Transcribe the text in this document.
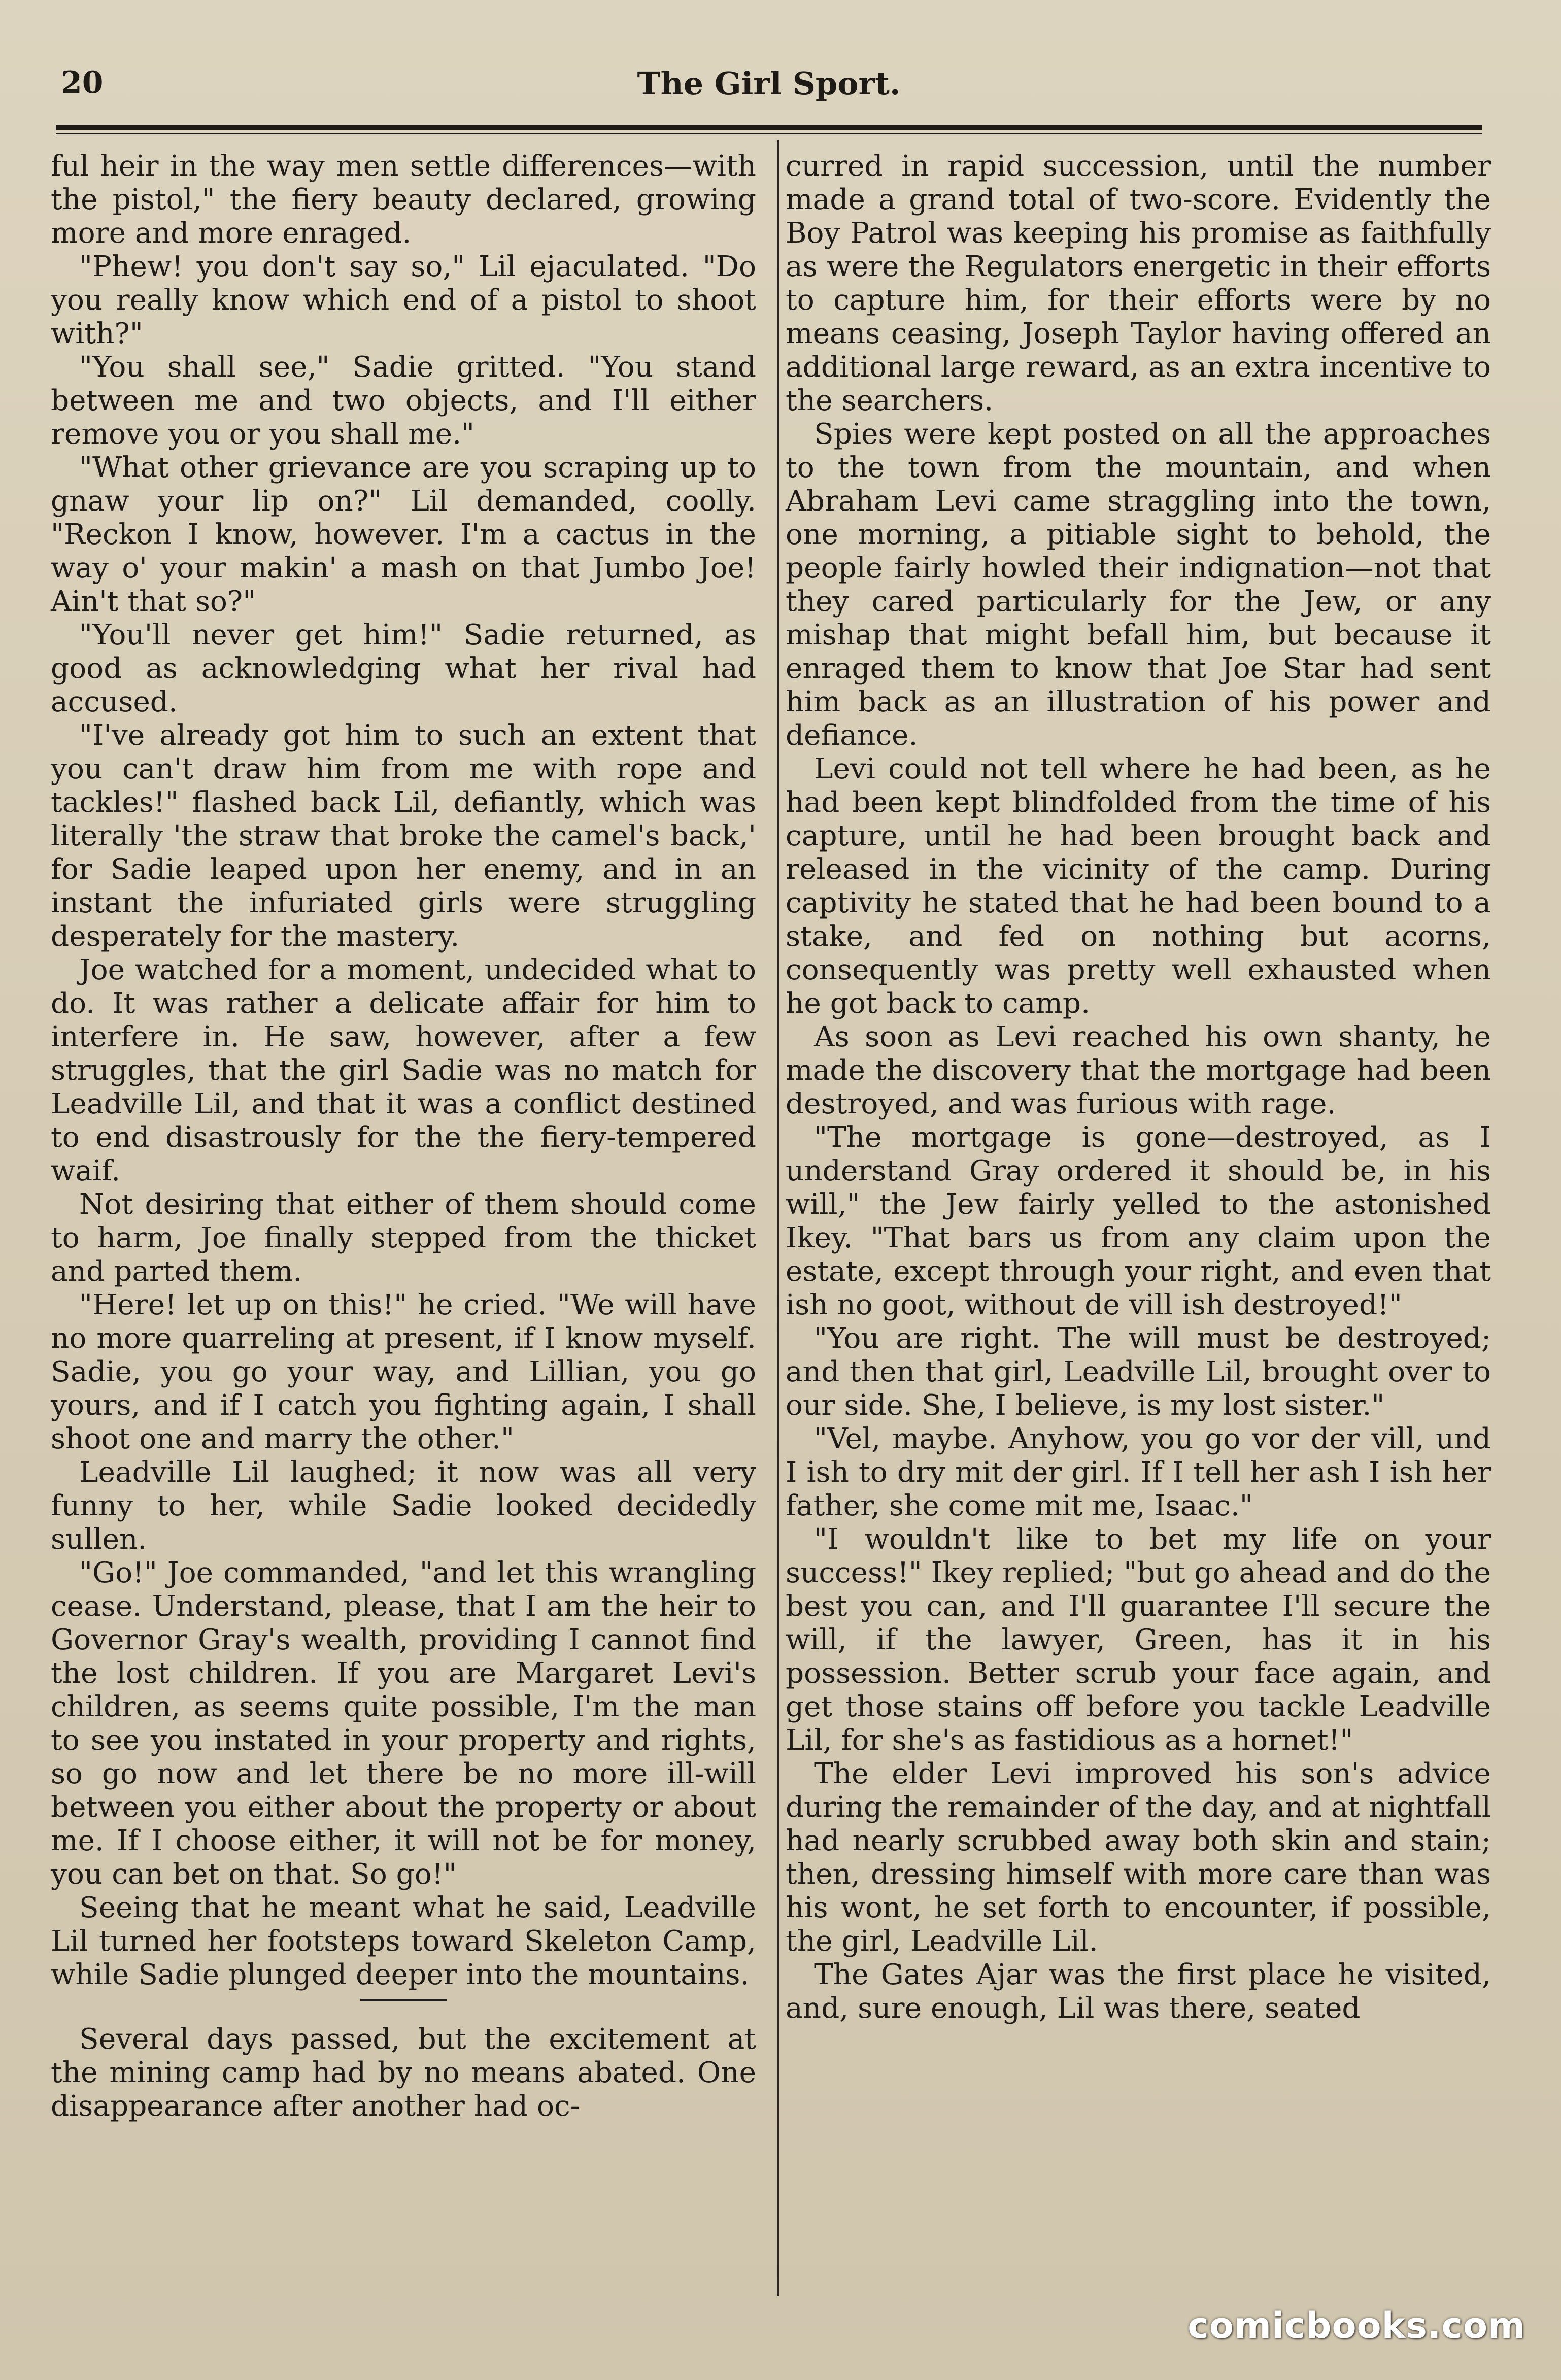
20	The Girl Sport.

ful heir in the way men settle differences—with the pistol," the fiery beauty declared, growing more and more enraged.

"Phew! you don't say so," Lil ejaculated. "Do you really know which end of a pistol to shoot with?"

"You shall see," Sadie gritted. "You stand between me and two objects, and I'll either remove you or you shall me."

"What other grievance are you scraping up to gnaw your lip on?" Lil demanded, coolly. "Reckon I know, however. I'm a cactus in the way o' your makin' a mash on that Jumbo Joe! Ain't that so?"

"You'll never get him!" Sadie returned, as good as acknowledging what her rival had accused.

"I've already got him to such an extent that you can't draw him from me with rope and tackles!" flashed back Lil, defiantly, which was literally 'the straw that broke the camel's back,' for Sadie leaped upon her enemy, and in an instant the infuriated girls were struggling desperately for the mastery.

Joe watched for a moment, undecided what to do. It was rather a delicate affair for him to interfere in. He saw, however, after a few struggles, that the girl Sadie was no match for Leadville Lil, and that it was a conflict destined to end disastrously for the the fiery-tempered waif.

Not desiring that either of them should come to harm, Joe finally stepped from the thicket and parted them.

"Here! let up on this!" he cried. "We will have no more quarreling at present, if I know myself. Sadie, you go your way, and Lillian, you go yours, and if I catch you fighting again, I shall shoot one and marry the other."

Leadville Lil laughed; it now was all very funny to her, while Sadie looked decidedly sullen.

"Go!" Joe commanded, "and let this wrangling cease. Understand, please, that I am the heir to Governor Gray's wealth, providing I cannot find the lost children. If you are Margaret Levi's children, as seems quite possible, I'm the man to see you instated in your property and rights, so go now and let there be no more ill-will between you either about the property or about me. If I choose either, it will not be for money, you can bet on that. So go!"

Seeing that he meant what he said, Leadville Lil turned her footsteps toward Skeleton Camp, while Sadie plunged deeper into the mountains.

Several days passed, but the excitement at the mining camp had by no means abated. One disappearance after another had oc-

curred in rapid succession, until the number made a grand total of two-score. Evidently the Boy Patrol was keeping his promise as faithfully as were the Regulators energetic in their efforts to capture him, for their efforts were by no means ceasing, Joseph Taylor having offered an additional large reward, as an extra incentive to the searchers.

Spies were kept posted on all the approaches to the town from the mountain, and when Abraham Levi came straggling into the town, one morning, a pitiable sight to behold, the people fairly howled their indignation—not that they cared particularly for the Jew, or any mishap that might befall him, but because it enraged them to know that Joe Star had sent him back as an illustration of his power and defiance.

Levi could not tell where he had been, as he had been kept blindfolded from the time of his capture, until he had been brought back and released in the vicinity of the camp. During captivity he stated that he had been bound to a stake, and fed on nothing but acorns, consequently was pretty well exhausted when he got back to camp.

As soon as Levi reached his own shanty, he made the discovery that the mortgage had been destroyed, and was furious with rage.

"The mortgage is gone—destroyed, as I understand Gray ordered it should be, in his will," the Jew fairly yelled to the astonished Ikey. "That bars us from any claim upon the estate, except through your right, and even that ish no goot, without de vill ish destroyed!"

"You are right. The will must be destroyed; and then that girl, Leadville Lil, brought over to our side. She, I believe, is my lost sister."

"Vel, maybe. Anyhow, you go vor der vill, und I ish to dry mit der girl. If I tell her ash I ish her father, she come mit me, Isaac."

"I wouldn't like to bet my life on your success!" Ikey replied; "but go ahead and do the best you can, and I'll guarantee I'll secure the will, if the lawyer, Green, has it in his possession. Better scrub your face again, and get those stains off before you tackle Leadville Lil, for she's as fastidious as a hornet!"

The elder Levi improved his son's advice during the remainder of the day, and at nightfall had nearly scrubbed away both skin and stain; then, dressing himself with more care than was his wont, he set forth to encounter, if possible, the girl, Leadville Lil.

The Gates Ajar was the first place he visited, and, sure enough, Lil was there, seated

comicbooks.com
